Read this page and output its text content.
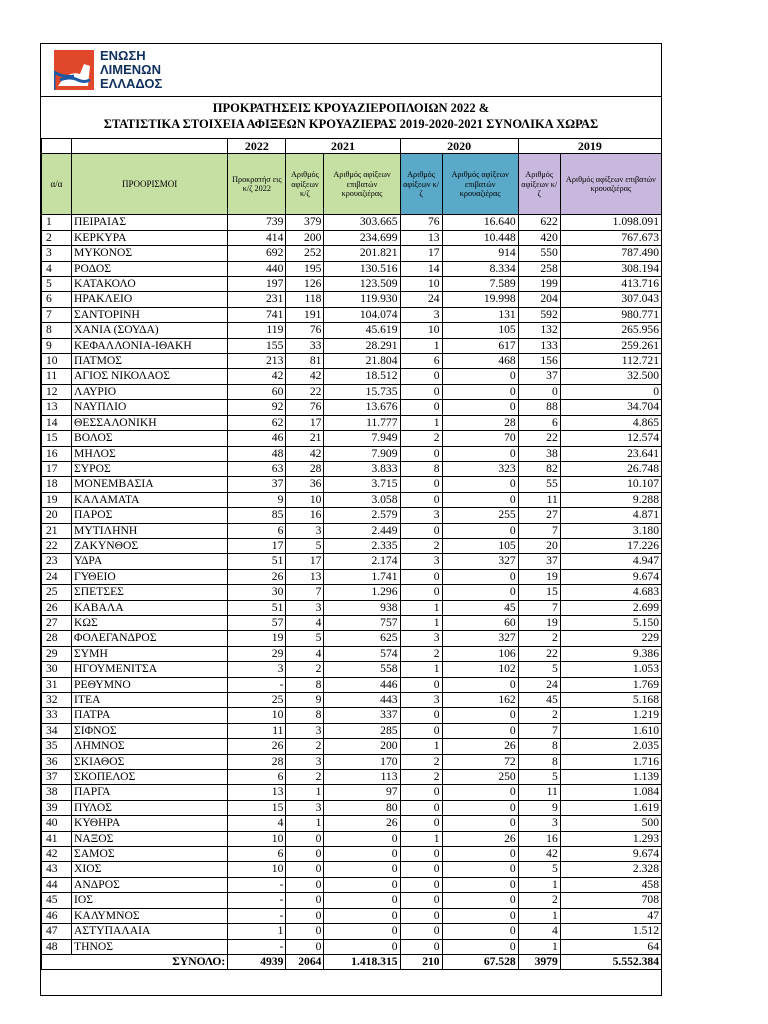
ΕΝΩΣΗ
ΛΙΜΕΝΩΝ
ΕΛΛΑΔΟΣ
ΠΡΟΚΡΑΤΗΣΕΙΣ ΚΡΟΥΑΖΙΕΡΟΠΛΟΙΩΝ 2022 &
ΣΤΑΤΙΣΤΙΚΑ ΣΤΟΙΧΕΙΑ ΑΦΙΞΕΩΝ ΚΡΟΥΑΖΙΕΡΑΣ 2019-2020-2021 ΣΥΝΟΛΙΚΑ ΧΩΡΑΣ
		2022	2021		2020		2019	
α/α	ΠΡΟΟΡΙΣΜΟΙ	Προκρατήσ εις κ/ζ 2022	Αριθμός αφίξεων κ/ζ	Αριθμός αφίξεων επιβατών κρουαζιέρας	Αριθμός αφίξεων κ/ζ	Αριθμός αφίξεων επιβατών κρουαζιέρας	Αριθμός αφίξεων κ/ζ	Αριθμός αφίξεων επιβατών κρουαζιέρας
1	ΠΕΙΡΑΙΑΣ	739	379	303.665	76	16.640	622	1.098.091
2	ΚΕΡΚΥΡΑ	414	200	234.699	13	10.448	420	767.673
3	ΜΥΚΟΝΟΣ	692	252	201.821	17	914	550	787.490
4	ΡΟΔΟΣ	440	195	130.516	14	8.334	258	308.194
5	ΚΑΤΑΚΟΛΟ	197	126	123.509	10	7.589	199	413.716
6	ΗΡΑΚΛΕΙΟ	231	118	119.930	24	19.998	204	307.043
7	ΣΑΝΤΟΡΙΝΗ	741	191	104.074	3	131	592	980.771
8	ΧΑΝΙΑ (ΣΟΥΔΑ)	119	76	45.619	10	105	132	265.956
9	ΚΕΦΑΛΛΟΝΙΑ-ΙΘΑΚΗ	155	33	28.291	1	617	133	259.261
10	ΠΑΤΜΟΣ	213	81	21.804	6	468	156	112.721
11	ΑΓΙΟΣ ΝΙΚΟΛΑΟΣ	42	42	18.512	0	0	37	32.500
12	ΛΑΥΡΙΟ	60	22	15.735	0	0	0	0
13	ΝΑΥΠΛΙΟ	92	76	13.676	0	0	88	34.704
14	ΘΕΣΣΑΛΟΝΙΚΗ	62	17	11.777	1	28	6	4.865
15	ΒΟΛΟΣ	46	21	7.949	2	70	22	12.574
16	ΜΗΛΟΣ	48	42	7.909	0	0	38	23.641
17	ΣΥΡΟΣ	63	28	3.833	8	323	82	26.748
18	ΜΟΝΕΜΒΑΣΙΑ	37	36	3.715	0	0	55	10.107
19	ΚΑΛΑΜΑΤΑ	9	10	3.058	0	0	11	9.288
20	ΠΑΡΟΣ	85	16	2.579	3	255	27	4.871
21	ΜΥΤΙΛΗΝΗ	6	3	2.449	0	0	7	3.180
22	ΖΑΚΥΝΘΟΣ	17	5	2.335	2	105	20	17.226
23	ΥΔΡΑ	51	17	2.174	3	327	37	4.947
24	ΓΥΘΕΙΟ	26	13	1.741	0	0	19	9.674
25	ΣΠΕΤΣΕΣ	30	7	1.296	0	0	15	4.683
26	ΚΑΒΑΛΑ	51	3	938	1	45	7	2.699
27	ΚΩΣ	57	4	757	1	60	19	5.150
28	ΦΟΛΕΓΑΝΔΡΟΣ	19	5	625	3	327	2	229
29	ΣΥΜΗ	29	4	574	2	106	22	9.386
30	ΗΓΟΥΜΕΝΙΤΣΑ	3	2	558	1	102	5	1.053
31	ΡΕΘΥΜΝΟ	-	8	446	0	0	24	1.769
32	ΙΤΕΑ	25	9	443	3	162	45	5.168
33	ΠΑΤΡΑ	10	8	337	0	0	2	1.219
34	ΣΙΦΝΟΣ	11	3	285	0	0	7	1.610
35	ΛΗΜΝΟΣ	26	2	200	1	26	8	2.035
36	ΣΚΙΑΘΟΣ	28	3	170	2	72	8	1.716
37	ΣΚΟΠΕΛΟΣ	6	2	113	2	250	5	1.139
38	ΠΑΡΓΑ	13	1	97	0	0	11	1.084
39	ΠΥΛΟΣ	15	3	80	0	0	9	1.619
40	ΚΥΘΗΡΑ	4	1	26	0	0	3	500
41	ΝΑΞΟΣ	10	0	0	1	26	16	1.293
42	ΣΑΜΟΣ	6	0	0	0	0	42	9.674
43	ΧΙΟΣ	10	0	0	0	0	5	2.328
44	ΑΝΔΡΟΣ	-	0	0	0	0	1	458
45	ΙΟΣ	-	0	0	0	0	2	708
46	ΚΑΛΥΜΝΟΣ	-	0	0	0	0	1	47
47	ΑΣΤΥΠΑΛΑΙΑ	1	0	0	0	0	4	1.512
48	ΤΗΝΟΣ	-	0	0	0	0	1	64
ΣΥΝΟΛΟ:		4939	2064	1.418.315	210	67.528	3979	5.552.384
